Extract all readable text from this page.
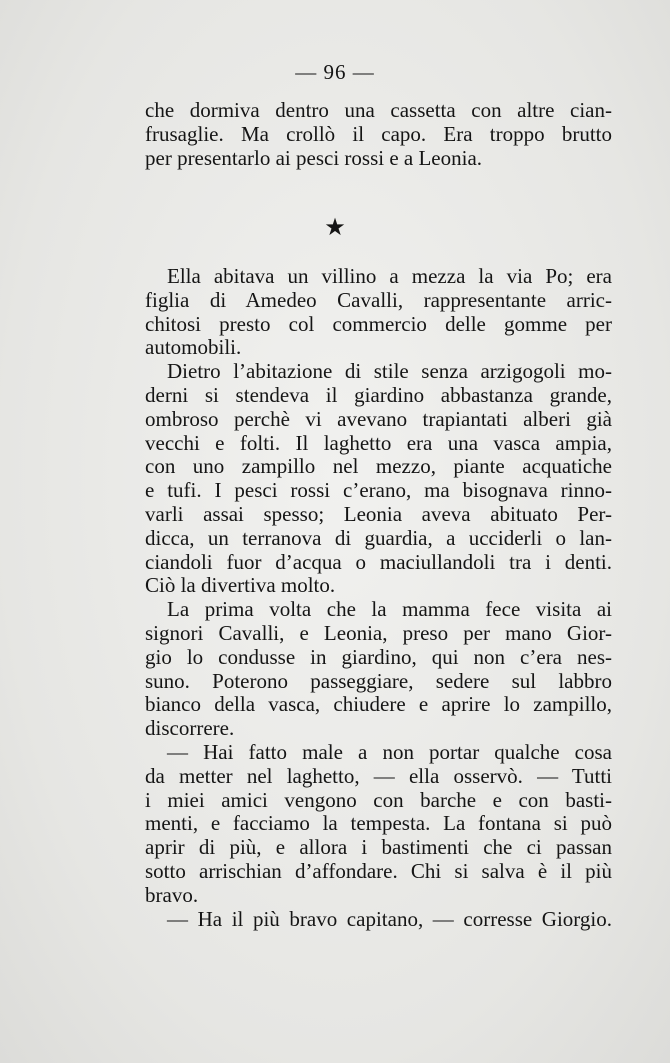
— 96 —
che dormiva dentro una cassetta con altre cian-
frusaglie. Ma crollò il capo. Era troppo brutto
per presentarlo ai pesci rossi e a Leonia.
★
Ella abitava un villino a mezza la via Po; era
figlia di Amedeo Cavalli, rappresentante arric-
chitosi presto col commercio delle gomme per
automobili.
Dietro l’abitazione di stile senza arzigogoli mo-
derni si stendeva il giardino abbastanza grande,
ombroso perchè vi avevano trapiantati alberi già
vecchi e folti. Il laghetto era una vasca ampia,
con uno zampillo nel mezzo, piante acquatiche
e tufi. I pesci rossi c’erano, ma bisognava rinno-
varli assai spesso; Leonia aveva abituato Per-
dicca, un terranova di guardia, a ucciderli o lan-
ciandoli fuor d’acqua o maciullandoli tra i denti.
Ciò la divertiva molto.
La prima volta che la mamma fece visita ai
signori Cavalli, e Leonia, preso per mano Gior-
gio lo condusse in giardino, qui non c’era nes-
suno. Poterono passeggiare, sedere sul labbro
bianco della vasca, chiudere e aprire lo zampillo,
discorrere.
— Hai fatto male a non portar qualche cosa
da metter nel laghetto, — ella osservò. — Tutti
i miei amici vengono con barche e con basti-
menti, e facciamo la tempesta. La fontana si può
aprir di più, e allora i bastimenti che ci passan
sotto arrischian d’affondare. Chi si salva è il più
bravo.
— Ha il più bravo capitano, — corresse Giorgio.
